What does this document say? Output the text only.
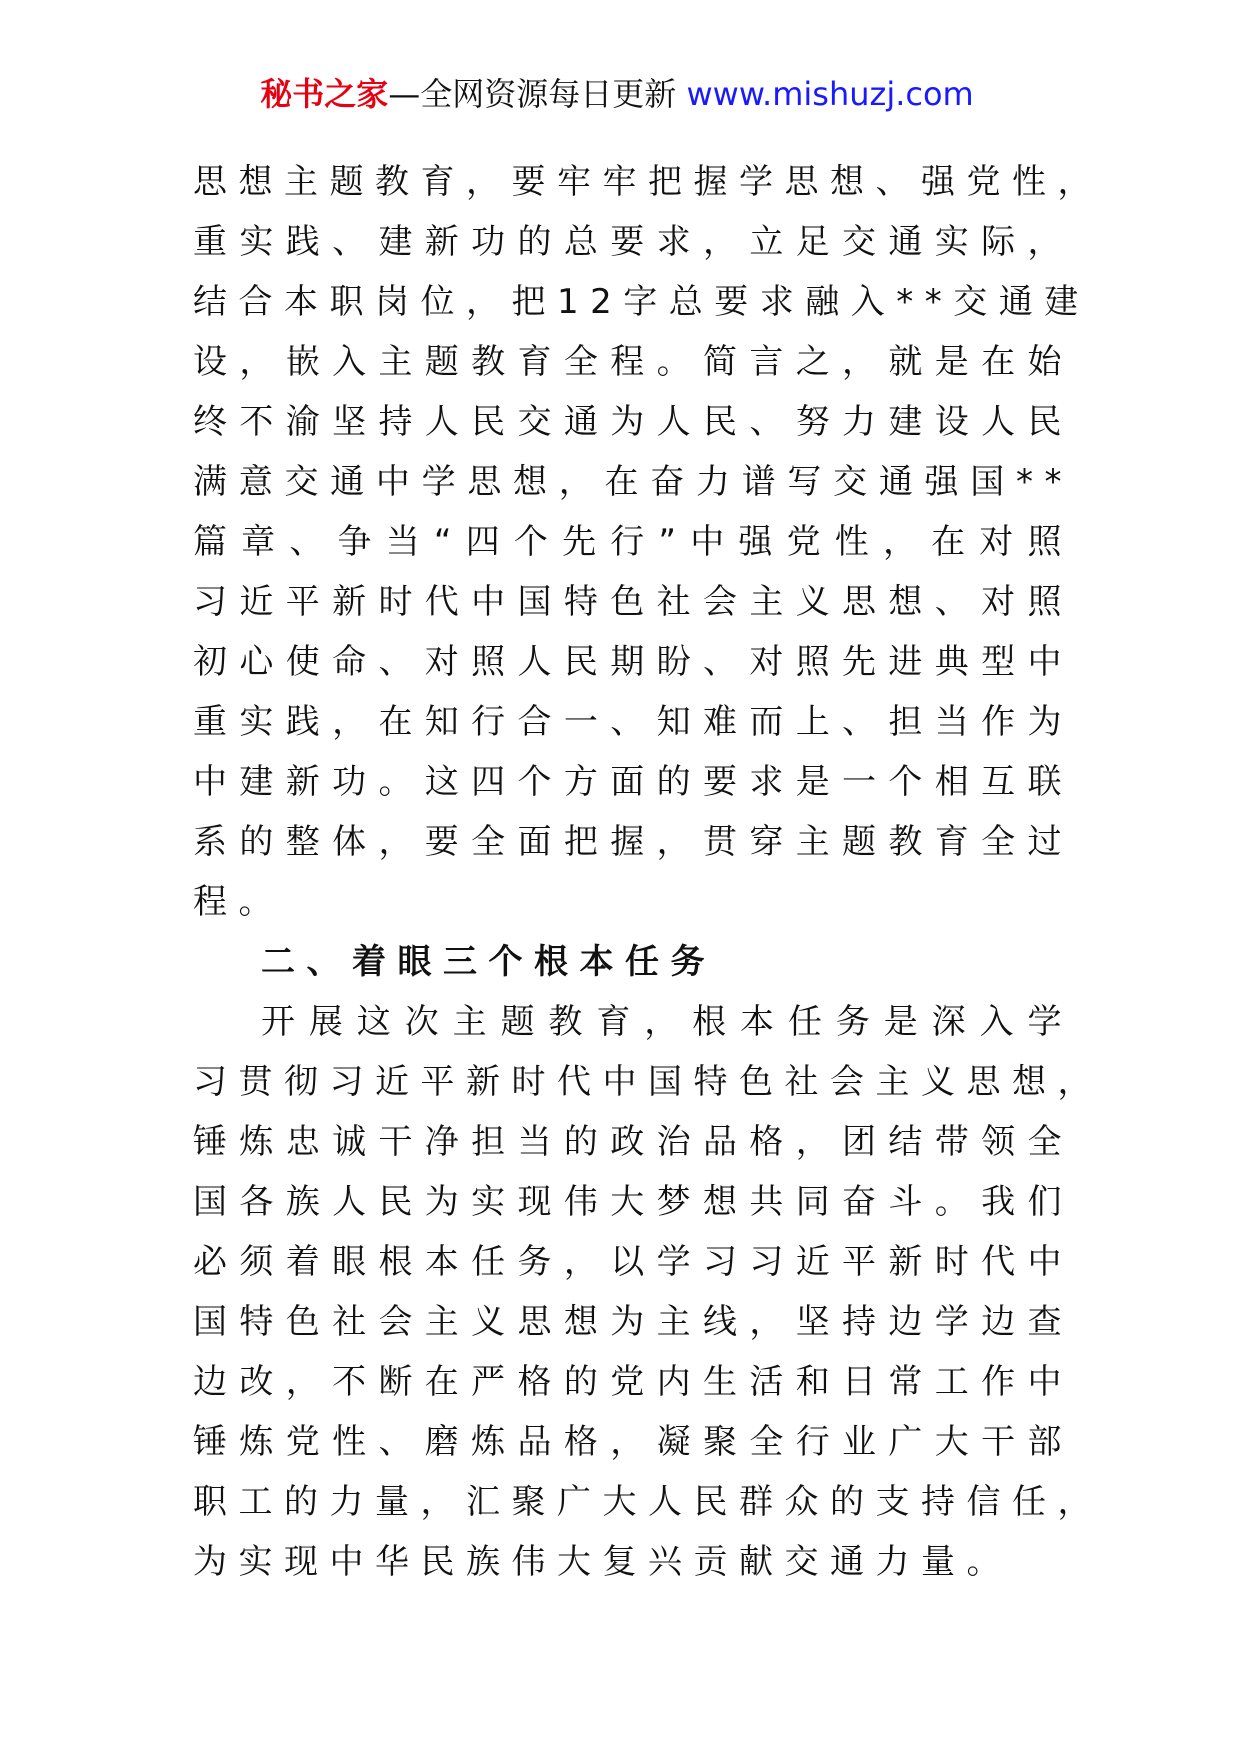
秘书之家—全网资源每日更新 www.mishuzj.com
思想主题教育，要牢牢把握学思想、强党性，
重实践、建新功的总要求，立足交通实际，
结合本职岗位，把12字总要求融入**交通建
设，嵌入主题教育全程。简言之，就是在始
终不渝坚持人民交通为人民、努力建设人民
满意交通中学思想，在奋力谱写交通强国**
篇章、争当“四个先行”中强党性，在对照
习近平新时代中国特色社会主义思想、对照
初心使命、对照人民期盼、对照先进典型中
重实践，在知行合一、知难而上、担当作为
中建新功。这四个方面的要求是一个相互联
系的整体，要全面把握，贯穿主题教育全过
程。
二、着眼三个根本任务
开展这次主题教育，根本任务是深入学
习贯彻习近平新时代中国特色社会主义思想，
锤炼忠诚干净担当的政治品格，团结带领全
国各族人民为实现伟大梦想共同奋斗。我们
必须着眼根本任务，以学习习近平新时代中
国特色社会主义思想为主线，坚持边学边查
边改，不断在严格的党内生活和日常工作中
锤炼党性、磨炼品格，凝聚全行业广大干部
职工的力量，汇聚广大人民群众的支持信任，
为实现中华民族伟大复兴贡献交通力量。
